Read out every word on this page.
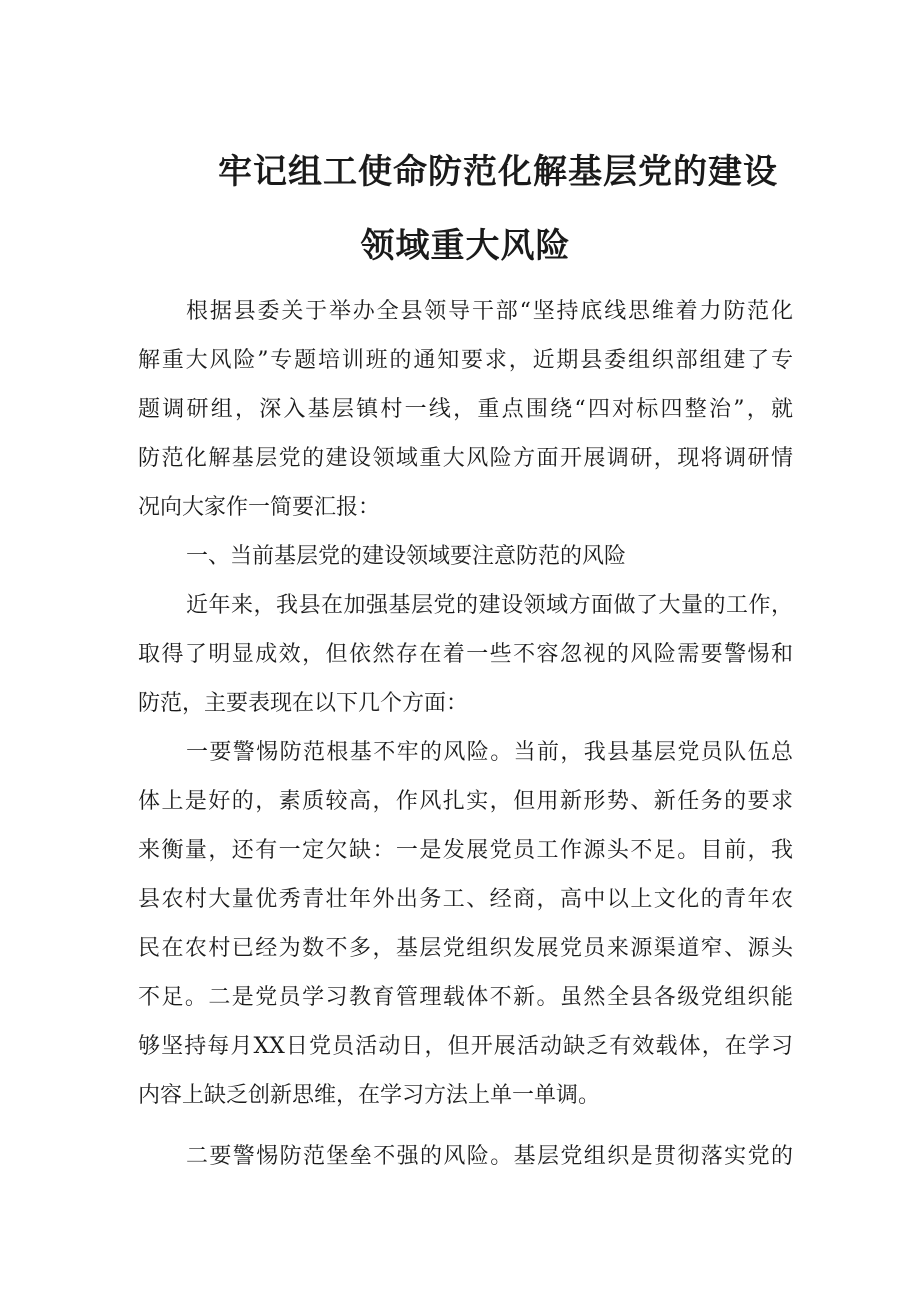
牢记组工使命防范化解基层党的建设
领域重大风险
根据县委关于举办全县领导干部“坚持底线思维着力防范化
解重大风险”专题培训班的通知要求，近期县委组织部组建了专
题调研组，深入基层镇村一线，重点围绕“四对标四整治”，就
防范化解基层党的建设领域重大风险方面开展调研，现将调研情
况向大家作一简要汇报：
一、当前基层党的建设领域要注意防范的风险
近年来，我县在加强基层党的建设领域方面做了大量的工作，
取得了明显成效，但依然存在着一些不容忽视的风险需要警惕和
防范，主要表现在以下几个方面：
一要警惕防范根基不牢的风险。当前，我县基层党员队伍总
体上是好的，素质较高，作风扎实，但用新形势、新任务的要求
来衡量，还有一定欠缺：一是发展党员工作源头不足。目前，我
县农村大量优秀青壮年外出务工、经商，高中以上文化的青年农
民在农村已经为数不多，基层党组织发展党员来源渠道窄、源头
不足。二是党员学习教育管理载体不新。虽然全县各级党组织能
够坚持每月XX日党员活动日，但开展活动缺乏有效载体，在学习
内容上缺乏创新思维，在学习方法上单一单调。
二要警惕防范堡垒不强的风险。基层党组织是贯彻落实党的
